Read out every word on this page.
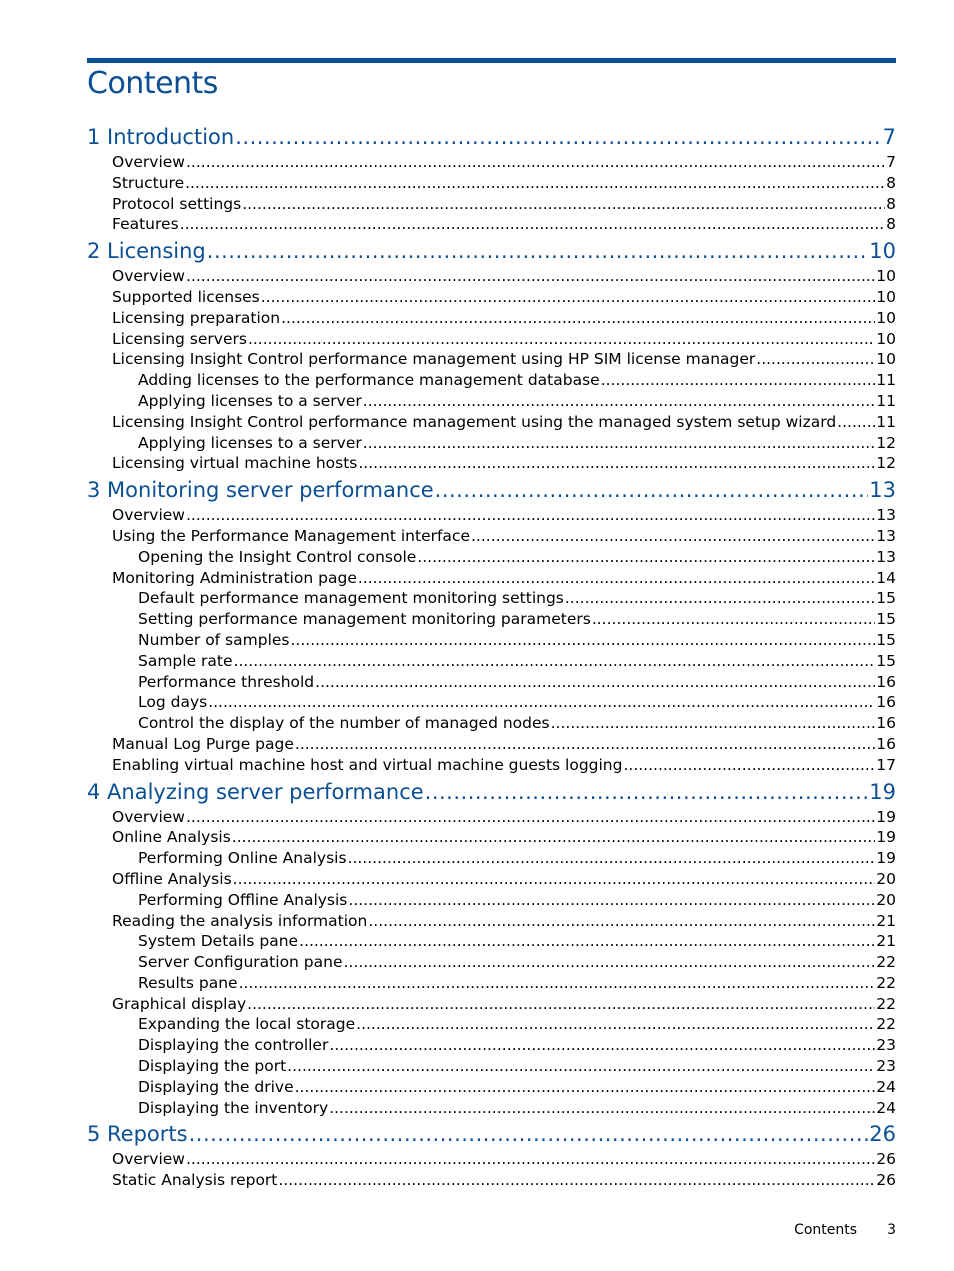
Contents
1 Introduction .....	7
Overview .....	7
Structure .....	8
Protocol settings .....	8
Features .....	8
2 Licensing .....	10
Overview .....	10
Supported licenses .....	10
Licensing preparation .....	10
Licensing servers .....	10
Licensing Insight Control performance management using HP SIM license manager .....	10
Adding licenses to the performance management database .....	11
Applying licenses to a server .....	11
Licensing Insight Control performance management using the managed system setup wizard .....	11
Applying licenses to a server .....	12
Licensing virtual machine hosts .....	12
3 Monitoring server performance .....	13
Overview .....	13
Using the Performance Management interface .....	13
Opening the Insight Control console .....	13
Monitoring Administration page .....	14
Default performance management monitoring settings .....	15
Setting performance management monitoring parameters .....	15
Number of samples .....	15
Sample rate .....	15
Performance threshold .....	16
Log days .....	16
Control the display of the number of managed nodes .....	16
Manual Log Purge page .....	16
Enabling virtual machine host and virtual machine guests logging .....	17
4 Analyzing server performance .....	19
Overview .....	19
Online Analysis .....	19
Performing Online Analysis .....	19
Offline Analysis .....	20
Performing Offline Analysis .....	20
Reading the analysis information .....	21
System Details pane .....	21
Server Configuration pane .....	22
Results pane .....	22
Graphical display .....	22
Expanding the local storage .....	22
Displaying the controller .....	23
Displaying the port .....	23
Displaying the drive .....	24
Displaying the inventory .....	24
5 Reports .....	26
Overview .....	26
Static Analysis report .....	26
Contents 3
